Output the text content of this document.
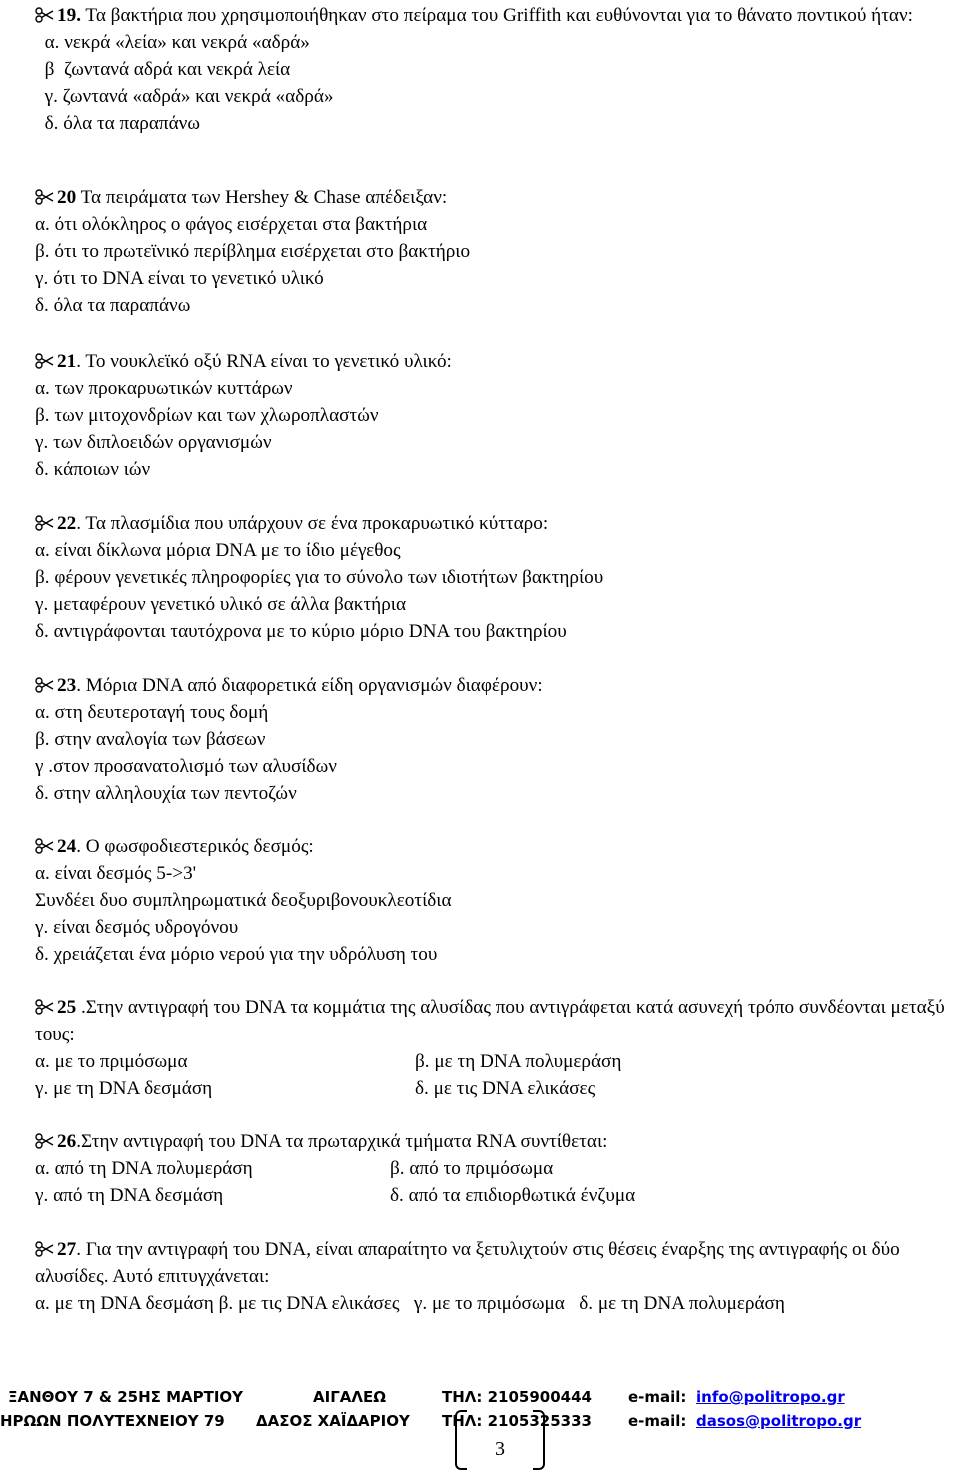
19. Τα βακτήρια που χρησιμοποιήθηκαν στο πείραμα του Griffith και ευθύνονται για το θάνατο ποντικού ήταν:
α. νεκρά «λεία» και νεκρά «αδρά»
β  ζωντανά αδρά και νεκρά λεία
γ. ζωντανά «αδρά» και νεκρά «αδρά»
δ. όλα τα παραπάνω
20 Τα πειράματα των Hershey & Chase απέδειξαν:
α. ότι ολόκληρος ο φάγος εισέρχεται στα βακτήρια
β. ότι το πρωτεϊνικό περίβλημα εισέρχεται στο βακτήριο
γ. ότι το DNA είναι το γενετικό υλικό
δ. όλα τα παραπάνω
21. Το νουκλεϊκό οξύ RNA είναι το γενετικό υλικό:
α. των προκαρυωτικών κυττάρων
β. των μιτοχονδρίων και των χλωροπλαστών
γ. των διπλοειδών οργανισμών
δ. κάποιων ιών
22. Τα πλασμίδια που υπάρχουν σε ένα προκαρυωτικό κύτταρο:
α. είναι δίκλωνα μόρια DNA με το ίδιο μέγεθος
β. φέρουν γενετικές πληροφορίες για το σύνολο των ιδιοτήτων βακτηρίου
γ. μεταφέρουν γενετικό υλικό σε άλλα βακτήρια
δ. αντιγράφονται ταυτόχρονα με το κύριο μόριο DNA του βακτηρίου
23. Μόρια DNA από διαφορετικά είδη οργανισμών διαφέρουν:
α. στη δευτεροταγή τους δομή
β. στην αναλογία των βάσεων
γ .στον προσανατολισμό των αλυσίδων
δ. στην αλληλουχία των πεντοζών
24. Ο φωσφοδιεστερικός δεσμός:
α. είναι δεσμός 5->3'
Συνδέει δυο συμπληρωματικά δεοξυριβονουκλεοτίδια
γ. είναι δεσμός υδρογόνου
δ. χρειάζεται ένα μόριο νερού για την υδρόλυση του
25 .Στην αντιγραφή του DNA τα κομμάτια της αλυσίδας που αντιγράφεται κατά ασυνεχή τρόπο συνδέονται μεταξύ τους:
α. με το πριμόσωμα	β. με τη DNA πολυμεράση
γ. με τη DNA δεσμάση	δ. με τις DNA ελικάσες
26.Στην αντιγραφή του DNA τα πρωταρχικά τμήματα RNA συντίθεται:
α. από τη DNA πολυμεράση	β. από το πριμόσωμα
γ. από τη DNA δεσμάση	δ. από τα επιδιορθωτικά ένζυμα
27. Για την αντιγραφή του DNA, είναι απαραίτητο να ξετυλιχτούν στις θέσεις έναρξης της αντιγραφής οι δύο αλυσίδες. Αυτό επιτυγχάνεται:
α. με τη DNA δεσμάση β. με τις DNA ελικάσες   γ. με το πριμόσωμα   δ. με τη DNA πολυμεράση
ΞΑΝΘΟΥ 7 & 25ΗΣ ΜΑΡΤΙΟΥ	ΑΙΓΑΛΕΩ	ΤΗΛ: 2105900444 e-mail: info@politropo.gr
ΗΡΩΩΝ ΠΟΛΥΤΕΧΝΕΙΟΥ 79 ΔΑΣΟΣ ΧΑΪΔΑΡΙΟΥ ΤΗΛ: 2105325333 e-mail: dasos@politropo.gr
3
